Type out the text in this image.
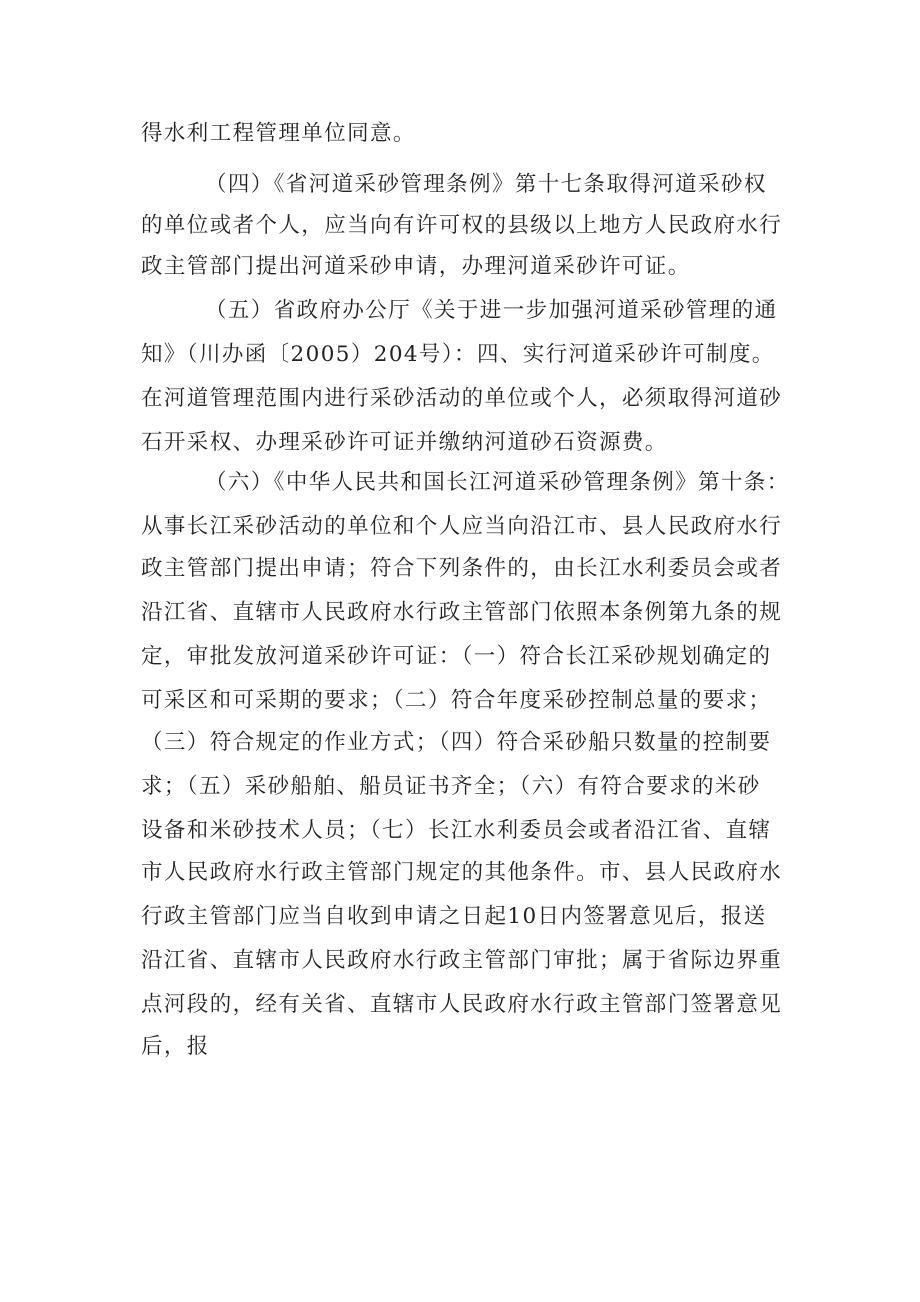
得水利工程管理单位同意。
（四）《省河道采砂管理条例》第十七条取得河道采砂权
的单位或者个人，应当向有许可权的县级以上地方人民政府水行
政主管部门提出河道采砂申请，办理河道采砂许可证。
（五）省政府办公厅《关于进一步加强河道采砂管理的通
知》（川办函〔2005）204号）：四、实行河道采砂许可制度。
在河道管理范围内进行采砂活动的单位或个人，必须取得河道砂
石开采权、办理采砂许可证并缴纳河道砂石资源费。
（六）《中华人民共和国长江河道采砂管理条例》第十条：
从事长江采砂活动的单位和个人应当向沿江市、县人民政府水行
政主管部门提出申请；符合下列条件的，由长江水利委员会或者
沿江省、直辖市人民政府水行政主管部门依照本条例第九条的规
定，审批发放河道采砂许可证：（一）符合长江采砂规划确定的
可采区和可采期的要求；（二）符合年度采砂控制总量的要求；
（三）符合规定的作业方式；（四）符合采砂船只数量的控制要
求；（五）采砂船舶、船员证书齐全；（六）有符合要求的米砂
设备和米砂技术人员；（七）长江水利委员会或者沿江省、直辖
市人民政府水行政主管部门规定的其他条件。市、县人民政府水
行政主管部门应当自收到申请之日起10日内签署意见后，报送
沿江省、直辖市人民政府水行政主管部门审批；属于省际边界重
点河段的，经有关省、直辖市人民政府水行政主管部门签署意见
后，报
